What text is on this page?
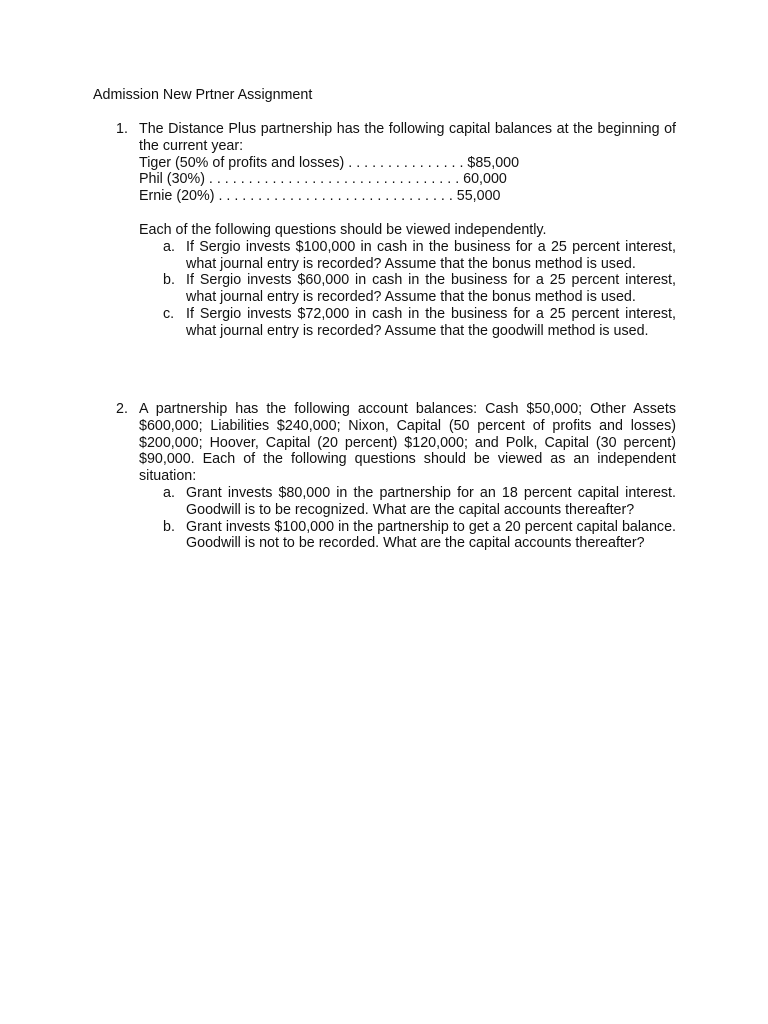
Admission New Prtner Assignment
1. The Distance Plus partnership has the following capital balances at the beginning of the current year:
Tiger (50% of profits and losses) . . . . . . . . . . . . . . . $85,000
Phil (30%) . . . . . . . . . . . . . . . . . . . . . . . . . . . . . . . . 60,000
Ernie (20%) . . . . . . . . . . . . . . . . . . . . . . . . . . . . . . 55,000
Each of the following questions should be viewed independently.
a. If Sergio invests $100,000 in cash in the business for a 25 percent interest, what journal entry is recorded? Assume that the bonus method is used.
b. If Sergio invests $60,000 in cash in the business for a 25 percent interest, what journal entry is recorded? Assume that the bonus method is used.
c. If Sergio invests $72,000 in cash in the business for a 25 percent interest, what journal entry is recorded? Assume that the goodwill method is used.
2. A partnership has the following account balances: Cash $50,000; Other Assets $600,000; Liabilities $240,000; Nixon, Capital (50 percent of profits and losses) $200,000; Hoover, Capital (20 percent) $120,000; and Polk, Capital (30 percent) $90,000. Each of the following questions should be viewed as an independent situation:
a. Grant invests $80,000 in the partnership for an 18 percent capital interest. Goodwill is to be recognized. What are the capital accounts thereafter?
b. Grant invests $100,000 in the partnership to get a 20 percent capital balance. Goodwill is not to be recorded. What are the capital accounts thereafter?
